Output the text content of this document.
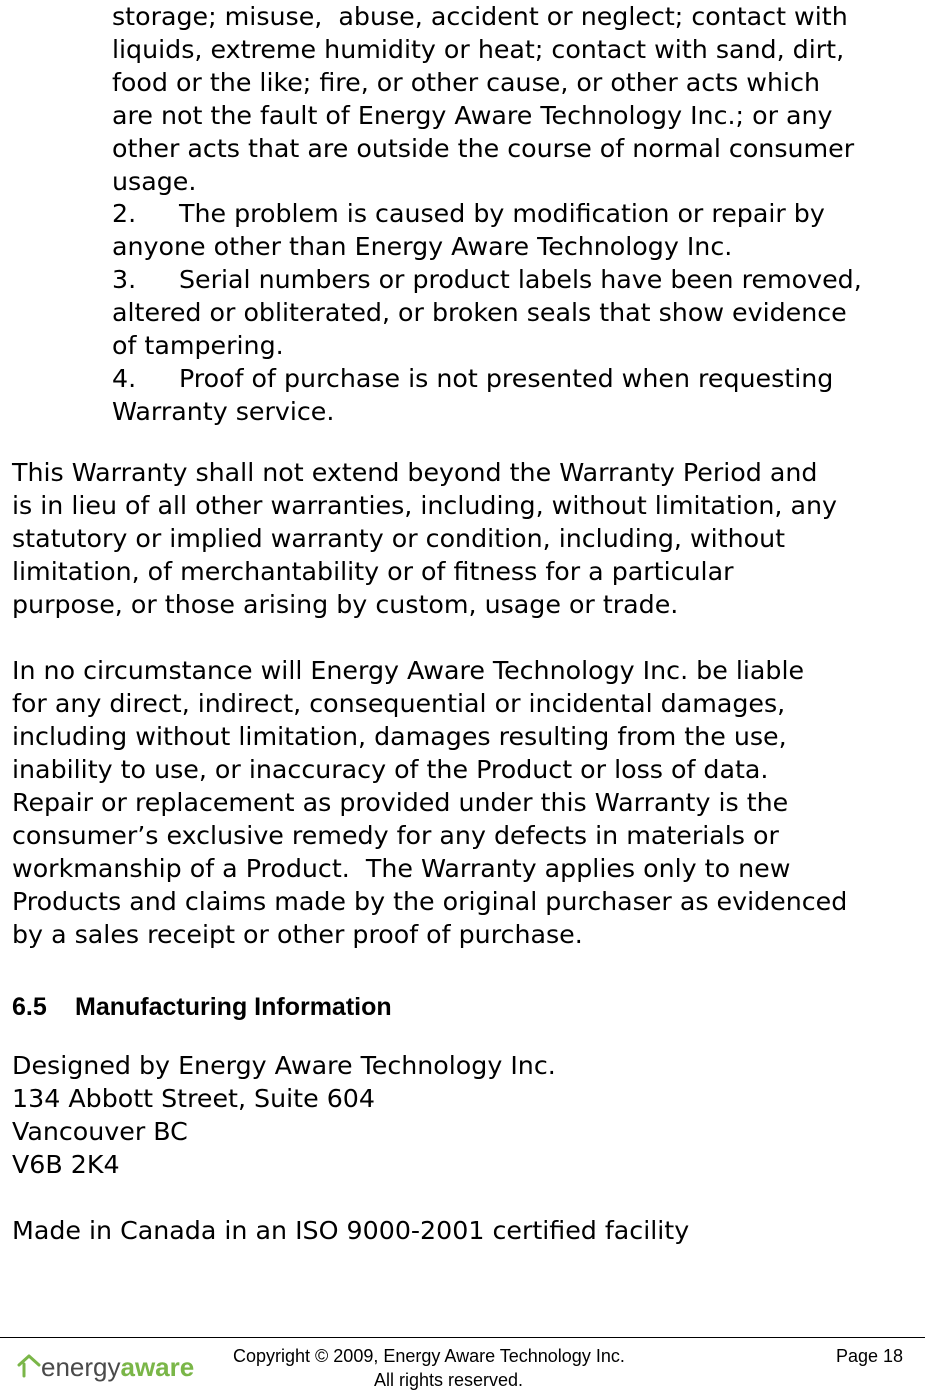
storage; misuse,  abuse, accident or neglect; contact with

liquids, extreme humidity or heat; contact with sand, dirt,

food or the like; fire, or other cause, or other acts which

are not the fault of Energy Aware Technology Inc.; or any

other acts that are outside the course of normal consumer

usage.

2. The problem is caused by modification or repair by

anyone other than Energy Aware Technology Inc.

3. Serial numbers or product labels have been removed,

altered or obliterated, or broken seals that show evidence

of tampering.

4. Proof of purchase is not presented when requesting

Warranty service.

This Warranty shall not extend beyond the Warranty Period and

is in lieu of all other warranties, including, without limitation, any

statutory or implied warranty or condition, including, without

limitation, of merchantability or of fitness for a particular

purpose, or those arising by custom, usage or trade.

In no circumstance will Energy Aware Technology Inc. be liable

for any direct, indirect, consequential or incidental damages,

including without limitation, damages resulting from the use,

inability to use, or inaccuracy of the Product or loss of data.

Repair or replacement as provided under this Warranty is the

consumer’s exclusive remedy for any defects in materials or

workmanship of a Product.  The Warranty applies only to new

Products and claims made by the original purchaser as evidenced

by a sales receipt or other proof of purchase.

6.5 Manufacturing Information

Designed by Energy Aware Technology Inc.

134 Abbott Street, Suite 604

Vancouver BC

V6B 2K4

Made in Canada in an ISO 9000-2001 certified facility

energyaware Copyright © 2009, Energy Aware Technology Inc.
All rights reserved.
Page 18
